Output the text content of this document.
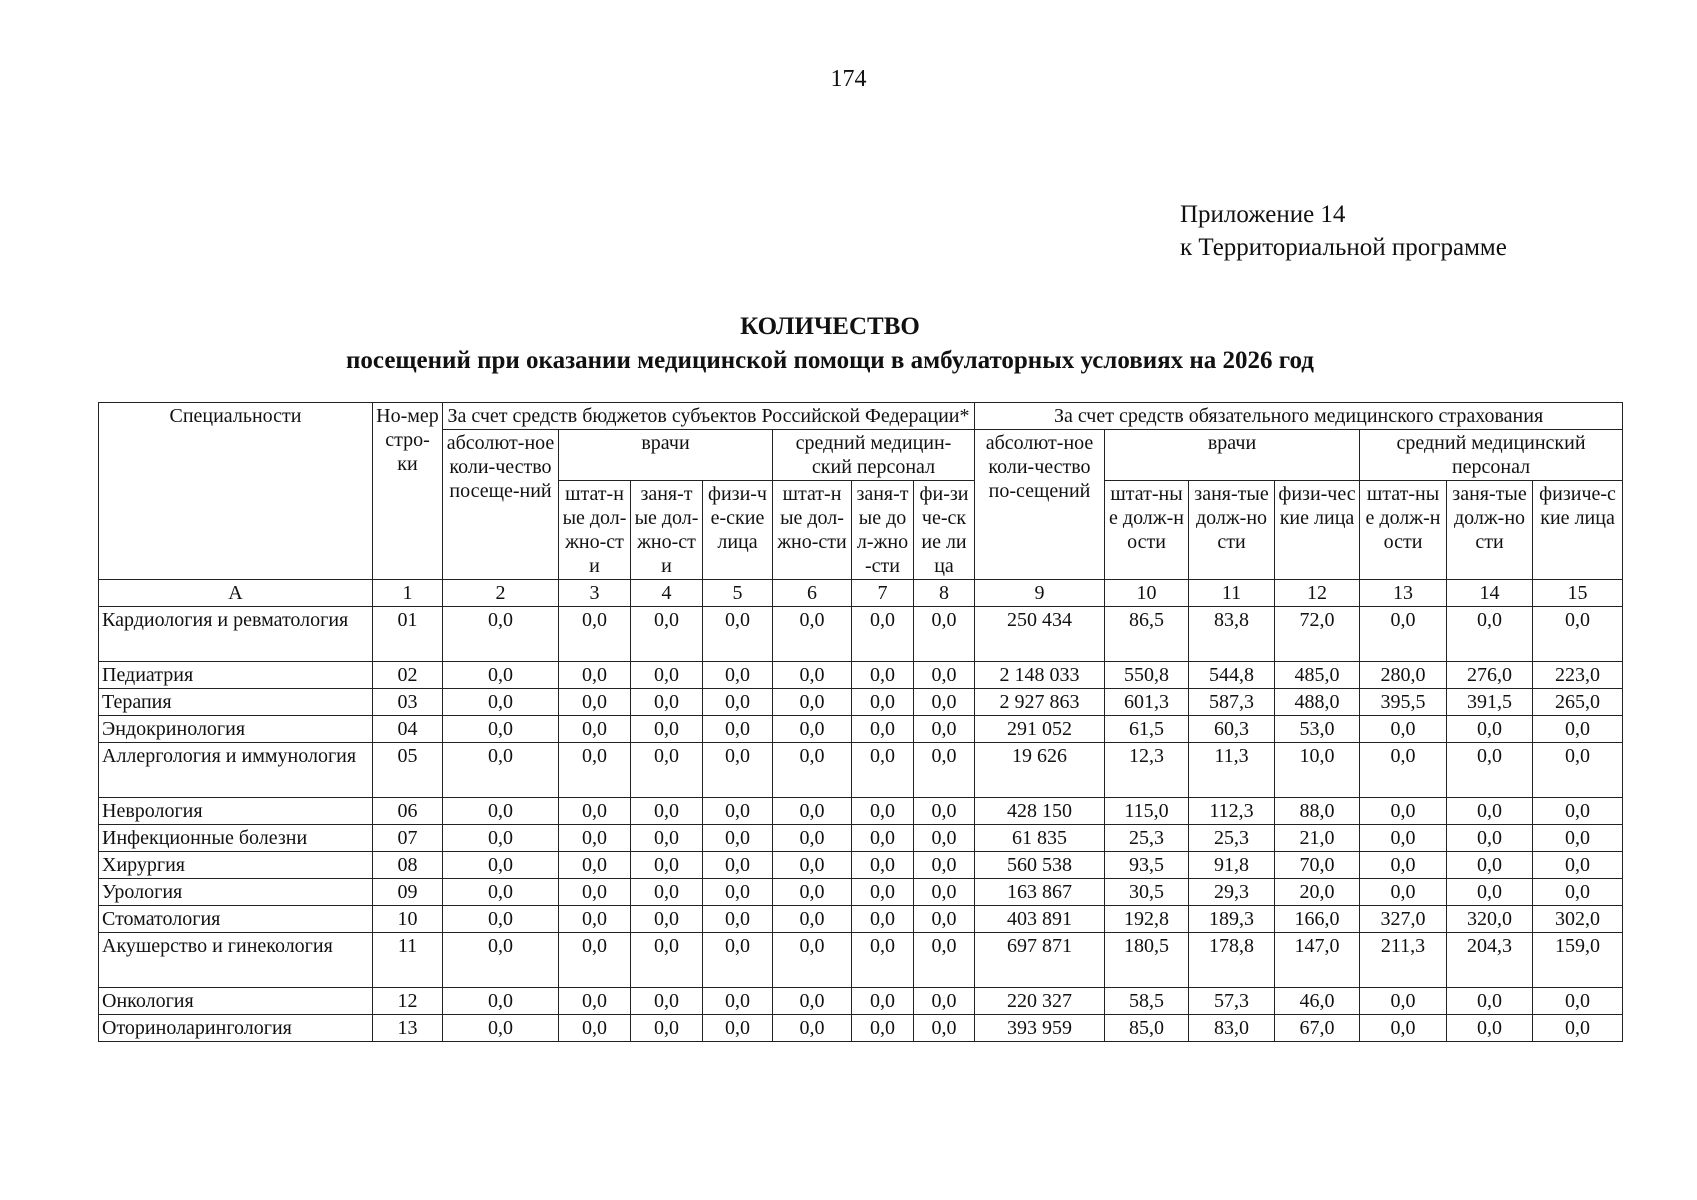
174
Приложение 14
к Территориальной программе
КОЛИЧЕСТВО
посещений при оказании медицинской помощи в амбулаторных условиях на 2026 год
Специальности	Но-мер стро-ки	За счет средств бюджетов субъектов Российской Федерации*							За счет средств обязательного медицинского страхования						
		абсолют-ное коли-чество посеще-ний	врачи			средний медицин-ский персонал			абсолют-ное коли-чество по-сещений	врачи			средний медицинский персонал		
			штат-ные дол-жно-сти	заня-тые дол-жно-сти	физи-че-ские лица	штат-ные дол-жно-сти	заня-тые дол-жно-сти	фи-зиче-ские лица		штат-ные долж-ности	заня-тые долж-ности	физи-ческие лица	штат-ные долж-ности	заня-тые долж-ности	физиче-ские лица
А	1	2	3	4	5	6	7	8	9	10	11	12	13	14	15
Кардиология и ревматология	01	0,0	0,0	0,0	0,0	0,0	0,0	0,0	250 434	86,5	83,8	72,0	0,0	0,0	0,0
Педиатрия	02	0,0	0,0	0,0	0,0	0,0	0,0	0,0	2 148 033	550,8	544,8	485,0	280,0	276,0	223,0
Терапия	03	0,0	0,0	0,0	0,0	0,0	0,0	0,0	2 927 863	601,3	587,3	488,0	395,5	391,5	265,0
Эндокринология	04	0,0	0,0	0,0	0,0	0,0	0,0	0,0	291 052	61,5	60,3	53,0	0,0	0,0	0,0
Аллергология и иммунология	05	0,0	0,0	0,0	0,0	0,0	0,0	0,0	19 626	12,3	11,3	10,0	0,0	0,0	0,0
Неврология	06	0,0	0,0	0,0	0,0	0,0	0,0	0,0	428 150	115,0	112,3	88,0	0,0	0,0	0,0
Инфекционные болезни	07	0,0	0,0	0,0	0,0	0,0	0,0	0,0	61 835	25,3	25,3	21,0	0,0	0,0	0,0
Хирургия	08	0,0	0,0	0,0	0,0	0,0	0,0	0,0	560 538	93,5	91,8	70,0	0,0	0,0	0,0
Урология	09	0,0	0,0	0,0	0,0	0,0	0,0	0,0	163 867	30,5	29,3	20,0	0,0	0,0	0,0
Стоматология	10	0,0	0,0	0,0	0,0	0,0	0,0	0,0	403 891	192,8	189,3	166,0	327,0	320,0	302,0
Акушерство и гинекология	11	0,0	0,0	0,0	0,0	0,0	0,0	0,0	697 871	180,5	178,8	147,0	211,3	204,3	159,0
Онкология	12	0,0	0,0	0,0	0,0	0,0	0,0	0,0	220 327	58,5	57,3	46,0	0,0	0,0	0,0
Оториноларингология	13	0,0	0,0	0,0	0,0	0,0	0,0	0,0	393 959	85,0	83,0	67,0	0,0	0,0	0,0
